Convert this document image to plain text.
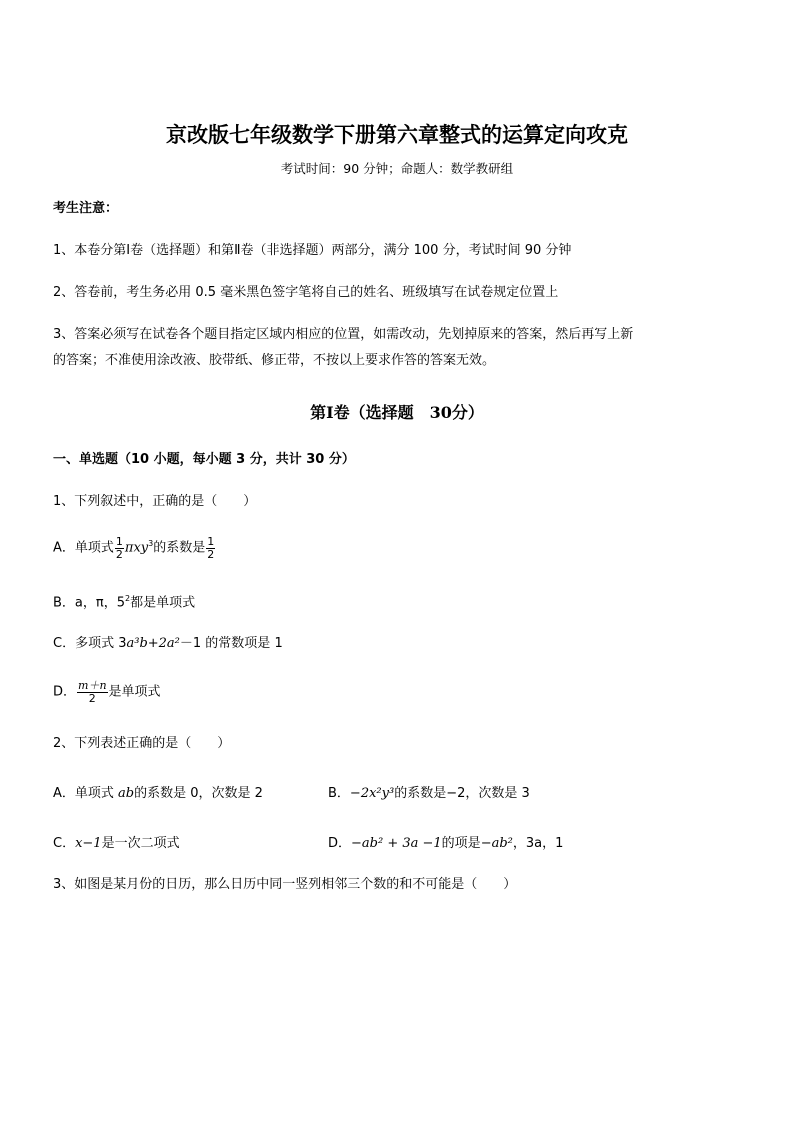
京改版七年级数学下册第六章整式的运算定向攻克
考试时间：90 分钟；命题人：数学教研组
考生注意：
1、本卷分第Ⅰ卷（选择题）和第Ⅱ卷（非选择题）两部分，满分 100 分，考试时间 90 分钟
2、答卷前，考生务必用 0.5 毫米黑色签字笔将自己的姓名、班级填写在试卷规定位置上
3、答案必须写在试卷各个题目指定区域内相应的位置，如需改动，先划掉原来的答案，然后再写上新
的答案；不准使用涂改液、胶带纸、修正带，不按以上要求作答的答案无效。
第Ⅰ卷（选择题　30分）
一、单选题（10 小题，每小题 3 分，共计 30 分）
1、下列叙述中，正确的是（　　）
A．单项式 $\frac{1}{2} \pi xy^3$的系数是 $\frac{1}{2}$
B．a，π，$5^2$都是单项式
C．多项式 3a³b+2a²－1 的常数项是 1
D． $\frac{m+n}{2}$ 是单项式
2、下列表述正确的是（　　）
A．单项式 ab的系数是 0，次数是 2	B．−2x²y³的系数是−2，次数是 3
C．x−1是一次二项式	D．−ab² + 3a −1的项是−ab²，3a，1
3、如图是某月份的日历，那么日历中同一竖列相邻三个数的和不可能是（　　）
